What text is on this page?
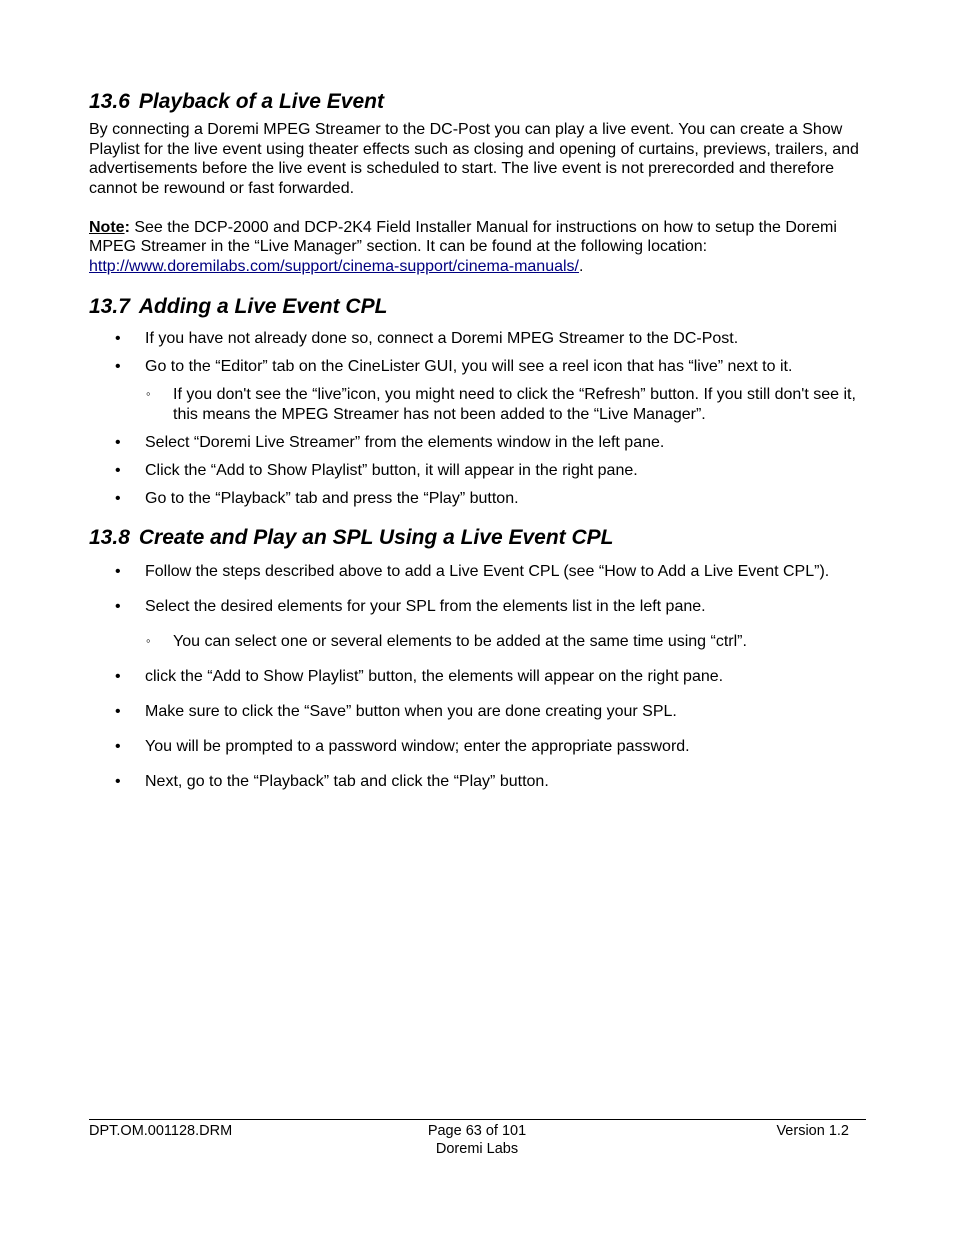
13.6 Playback of a Live Event

By connecting a Doremi MPEG Streamer to the DC-Post you can play a live event. You can create a Show Playlist for the live event using theater effects such as closing and opening of curtains, previews, trailers, and advertisements before the live event is scheduled to start. The live event is not prerecorded and therefore cannot be rewound or fast forwarded.

Note: See the DCP-2000 and DCP-2K4 Field Installer Manual for instructions on how to setup the Doremi MPEG Streamer in the “Live Manager” section. It can be found at the following location: http://www.doremilabs.com/support/cinema-support/cinema-manuals/.

13.7 Adding a Live Event CPL
• If you have not already done so, connect a Doremi MPEG Streamer to the DC-Post.
• Go to the “Editor” tab on the CineLister GUI, you will see a reel icon that has “live” next to it.
◦ If you don't see the “live”icon, you might need to click the “Refresh” button. If you still don't see it, this means the MPEG Streamer has not been added to the “Live Manager”.
• Select “Doremi Live Streamer” from the elements window in the left pane.
• Click the “Add to Show Playlist” button, it will appear in the right pane.
• Go to the “Playback” tab and press the “Play” button.
13.8 Create and Play an SPL Using a Live Event CPL
• Follow the steps described above to add a Live Event CPL (see “How to Add a Live Event CPL”).
• Select the desired elements for your SPL from the elements list in the left pane.
◦ You can select one or several elements to be added at the same time using “ctrl”.
• click the “Add to Show Playlist” button, the elements will appear on the right pane.
• Make sure to click the “Save” button when you are done creating your SPL.
• You will be prompted to a password window; enter the appropriate password.
• Next, go to the “Playback” tab and click the “Play” button.
DPT.OM.001128.DRM	Page 63 of 101
Doremi Labs
Version 1.2
